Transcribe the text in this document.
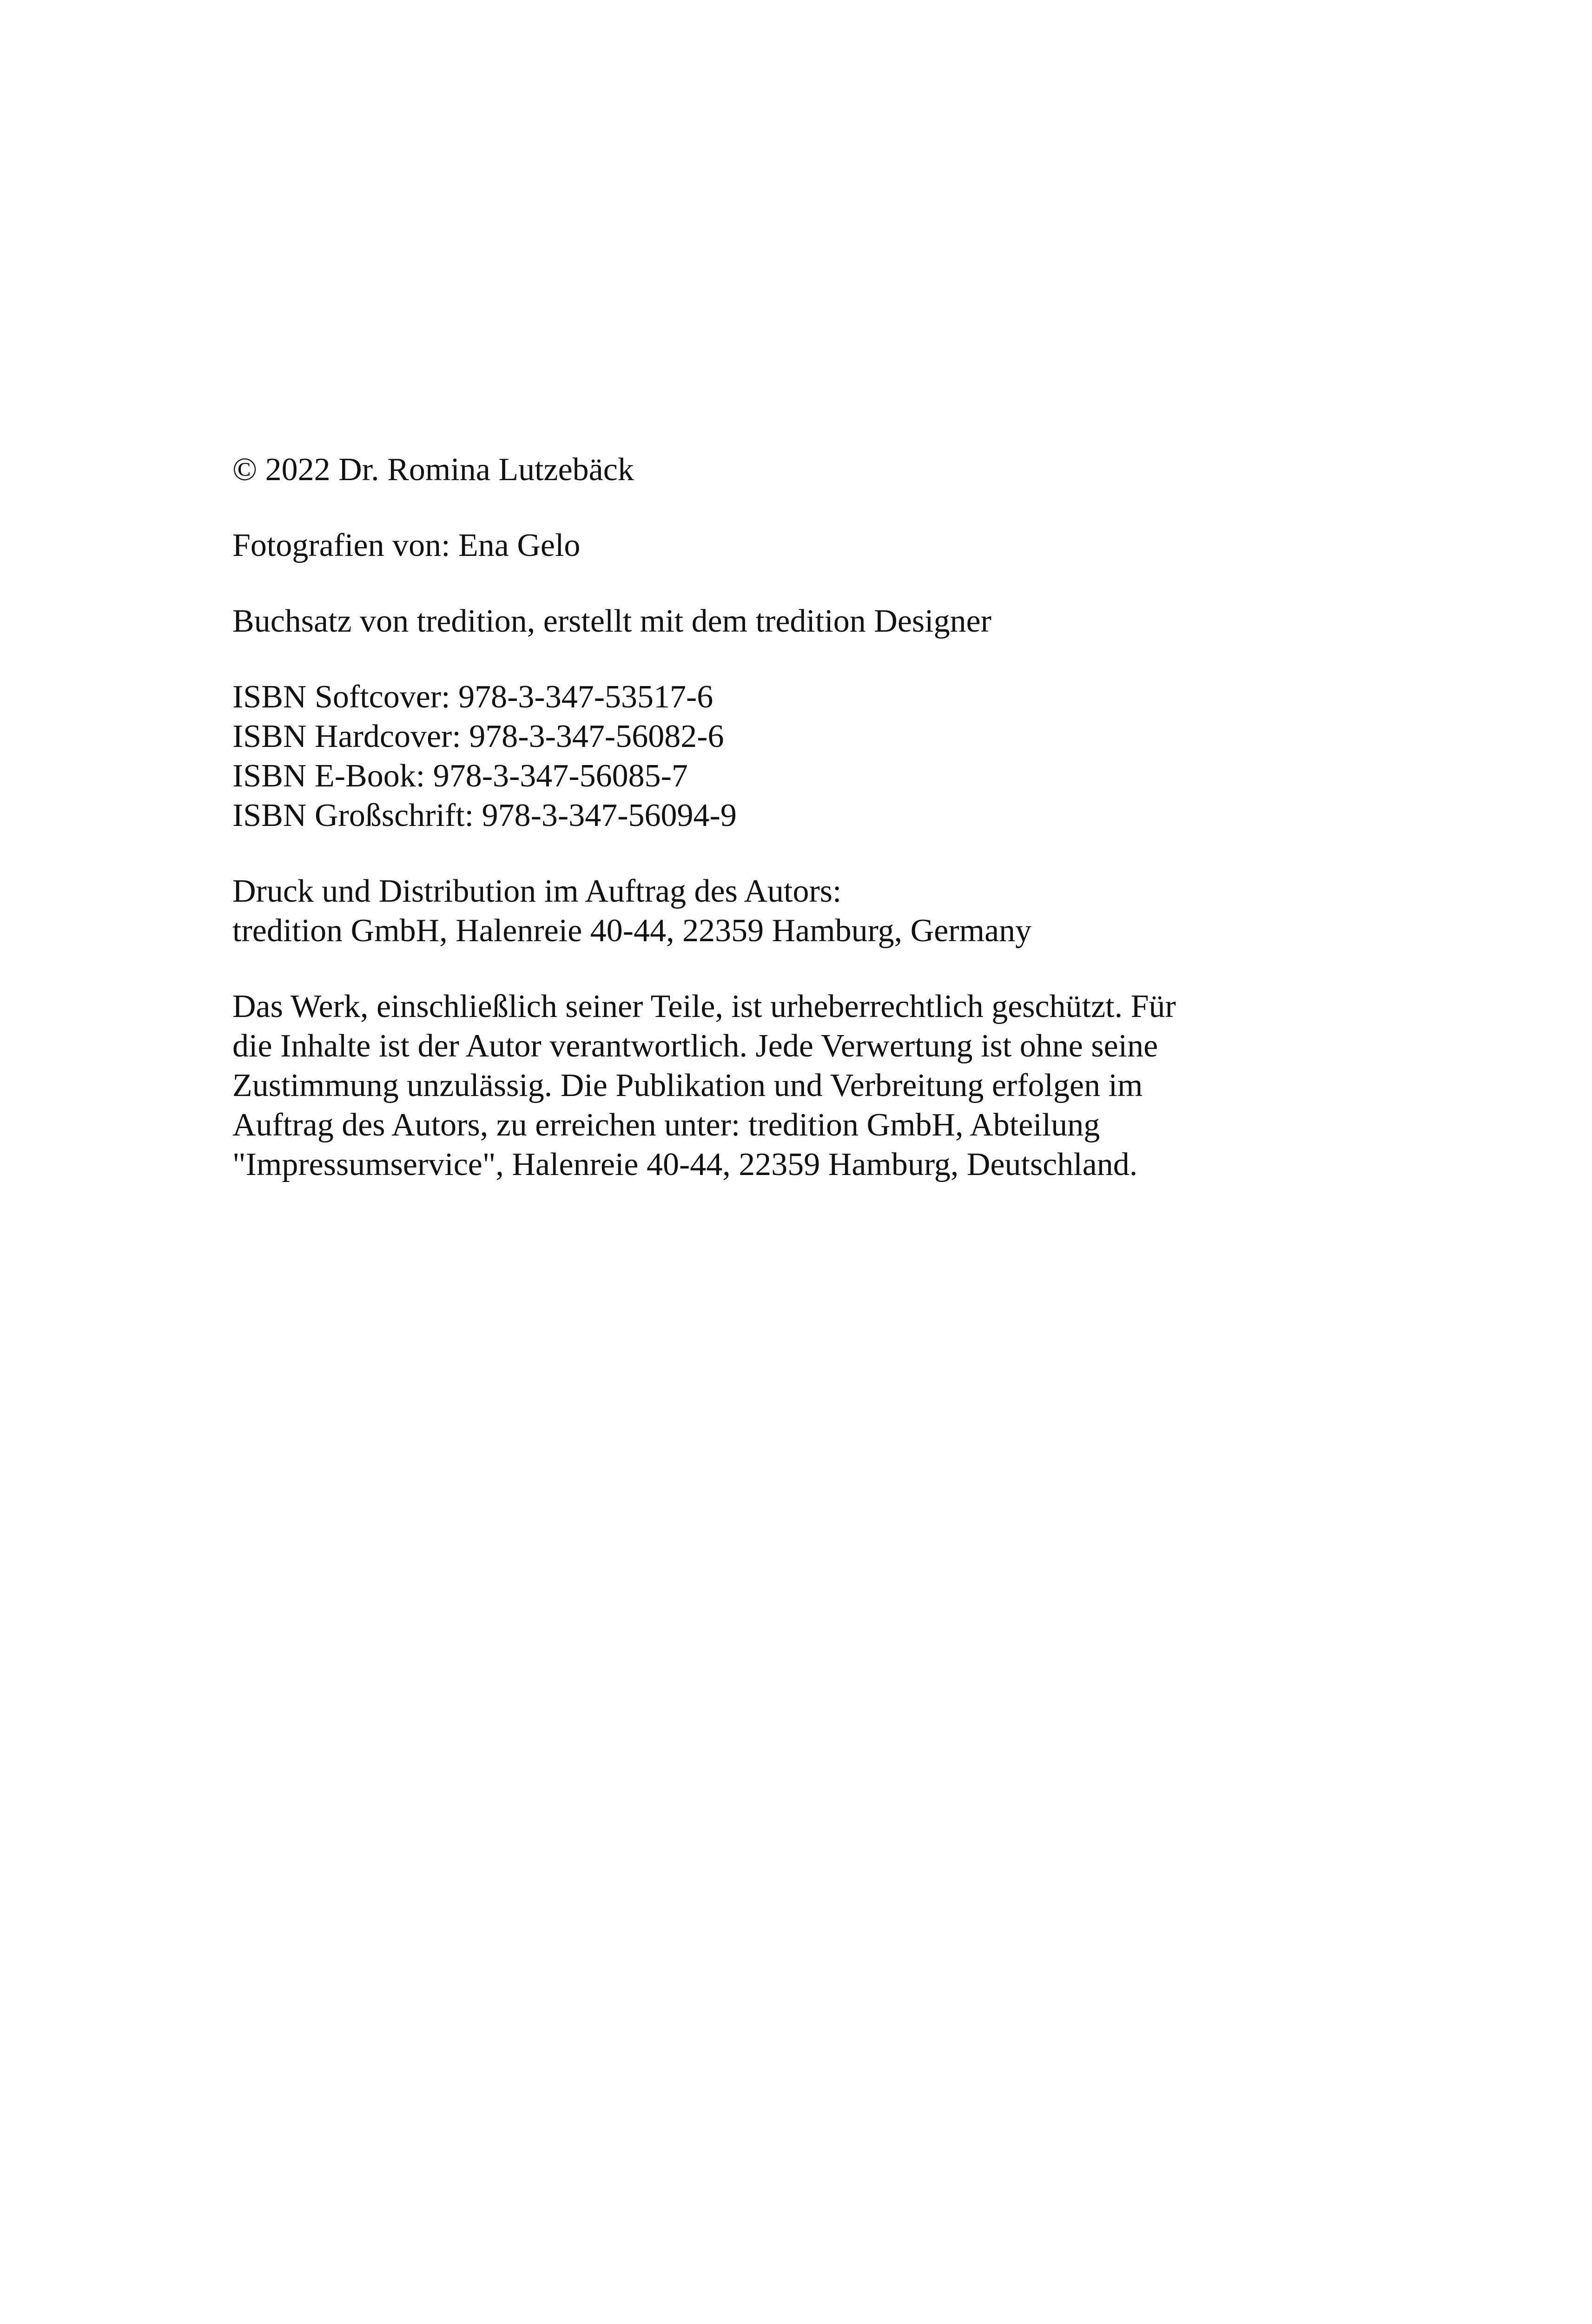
© 2022 Dr. Romina Lutzebäck
Fotografien von: Ena Gelo
Buchsatz von tredition, erstellt mit dem tredition Designer
ISBN Softcover: 978-3-347-53517-6
ISBN Hardcover: 978-3-347-56082-6
ISBN E-Book: 978-3-347-56085-7
ISBN Großschrift: 978-3-347-56094-9
Druck und Distribution im Auftrag des Autors:
tredition GmbH, Halenreie 40-44, 22359 Hamburg, Germany
Das Werk, einschließlich seiner Teile, ist urheberrechtlich geschützt. Für
die Inhalte ist der Autor verantwortlich. Jede Verwertung ist ohne seine
Zustimmung unzulässig. Die Publikation und Verbreitung erfolgen im
Auftrag des Autors, zu erreichen unter: tredition GmbH, Abteilung
"Impressumservice", Halenreie 40-44, 22359 Hamburg, Deutschland.
